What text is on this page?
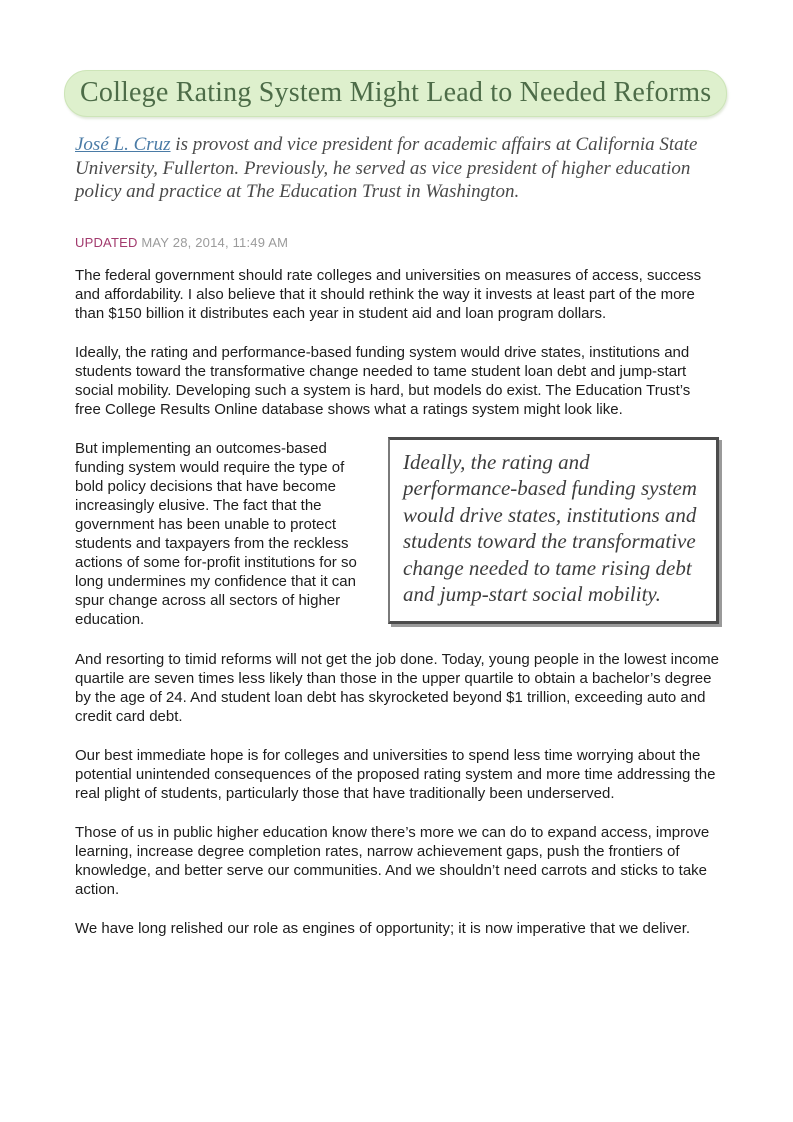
College Rating System Might Lead to Needed Reforms

José L. Cruz is provost and vice president for academic affairs at California State University, Fullerton. Previously, he served as vice president of higher education policy and practice at The Education Trust in Washington.

UPDATED MAY 28, 2014, 11:49 AM

The federal government should rate colleges and universities on measures of access, success and affordability. I also believe that it should rethink the way it invests at least part of the more than $150 billion it distributes each year in student aid and loan program dollars.

Ideally, the rating and performance-based funding system would drive states, institutions and students toward the transformative change needed to tame student loan debt and jump-start social mobility. Developing such a system is hard, but models do exist. The Education Trust’s free College Results Online database shows what a ratings system might look like.

But implementing an outcomes-based funding system would require the type of bold policy decisions that have become increasingly elusive. The fact that the government has been unable to protect students and taxpayers from the reckless actions of some for-profit institutions for so long undermines my confidence that it can spur change across all sectors of higher education.

Ideally, the rating and performance-based funding system would drive states, institutions and students toward the transformative change needed to tame rising debt and jump-start social mobility.

And resorting to timid reforms will not get the job done. Today, young people in the lowest income quartile are seven times less likely than those in the upper quartile to obtain a bachelor’s degree by the age of 24. And student loan debt has skyrocketed beyond $1 trillion, exceeding auto and credit card debt.

Our best immediate hope is for colleges and universities to spend less time worrying about the potential unintended consequences of the proposed rating system and more time addressing the real plight of students, particularly those that have traditionally been underserved.

Those of us in public higher education know there’s more we can do to expand access, improve learning, increase degree completion rates, narrow achievement gaps, push the frontiers of knowledge, and better serve our communities. And we shouldn’t need carrots and sticks to take action.

We have long relished our role as engines of opportunity; it is now imperative that we deliver.
